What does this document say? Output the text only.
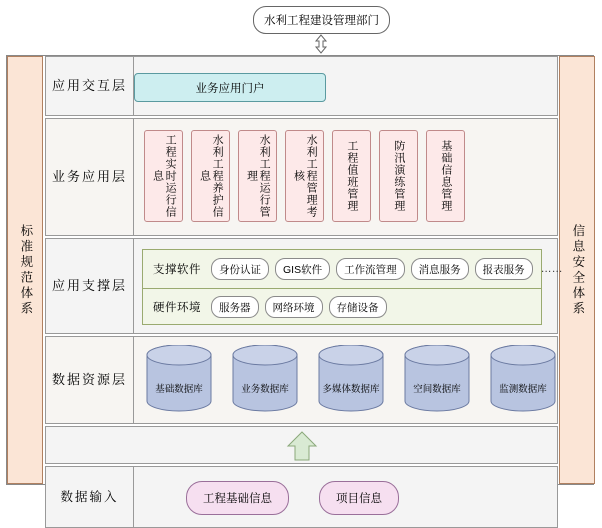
水利工程建设管理部门
标准规范体系	信息安全体系
应用交互层	业务应用门户
业务应用层	工程实时运行信息	水利工程养护信息	水利工程运行管理	水利工程管理考核	工程值班管理	防汛演练管理	基础信息管理
应用支撑层
支撑软件	身份认证 GIS软件 工作流管理 消息服务 报表服务 ……
硬件环境	服务器 网络环境 存储设备
数据资源层
基础数据库	业务数据库	多媒体数据库	空间数据库	监测数据库
数据输入	工程基础信息	项目信息
